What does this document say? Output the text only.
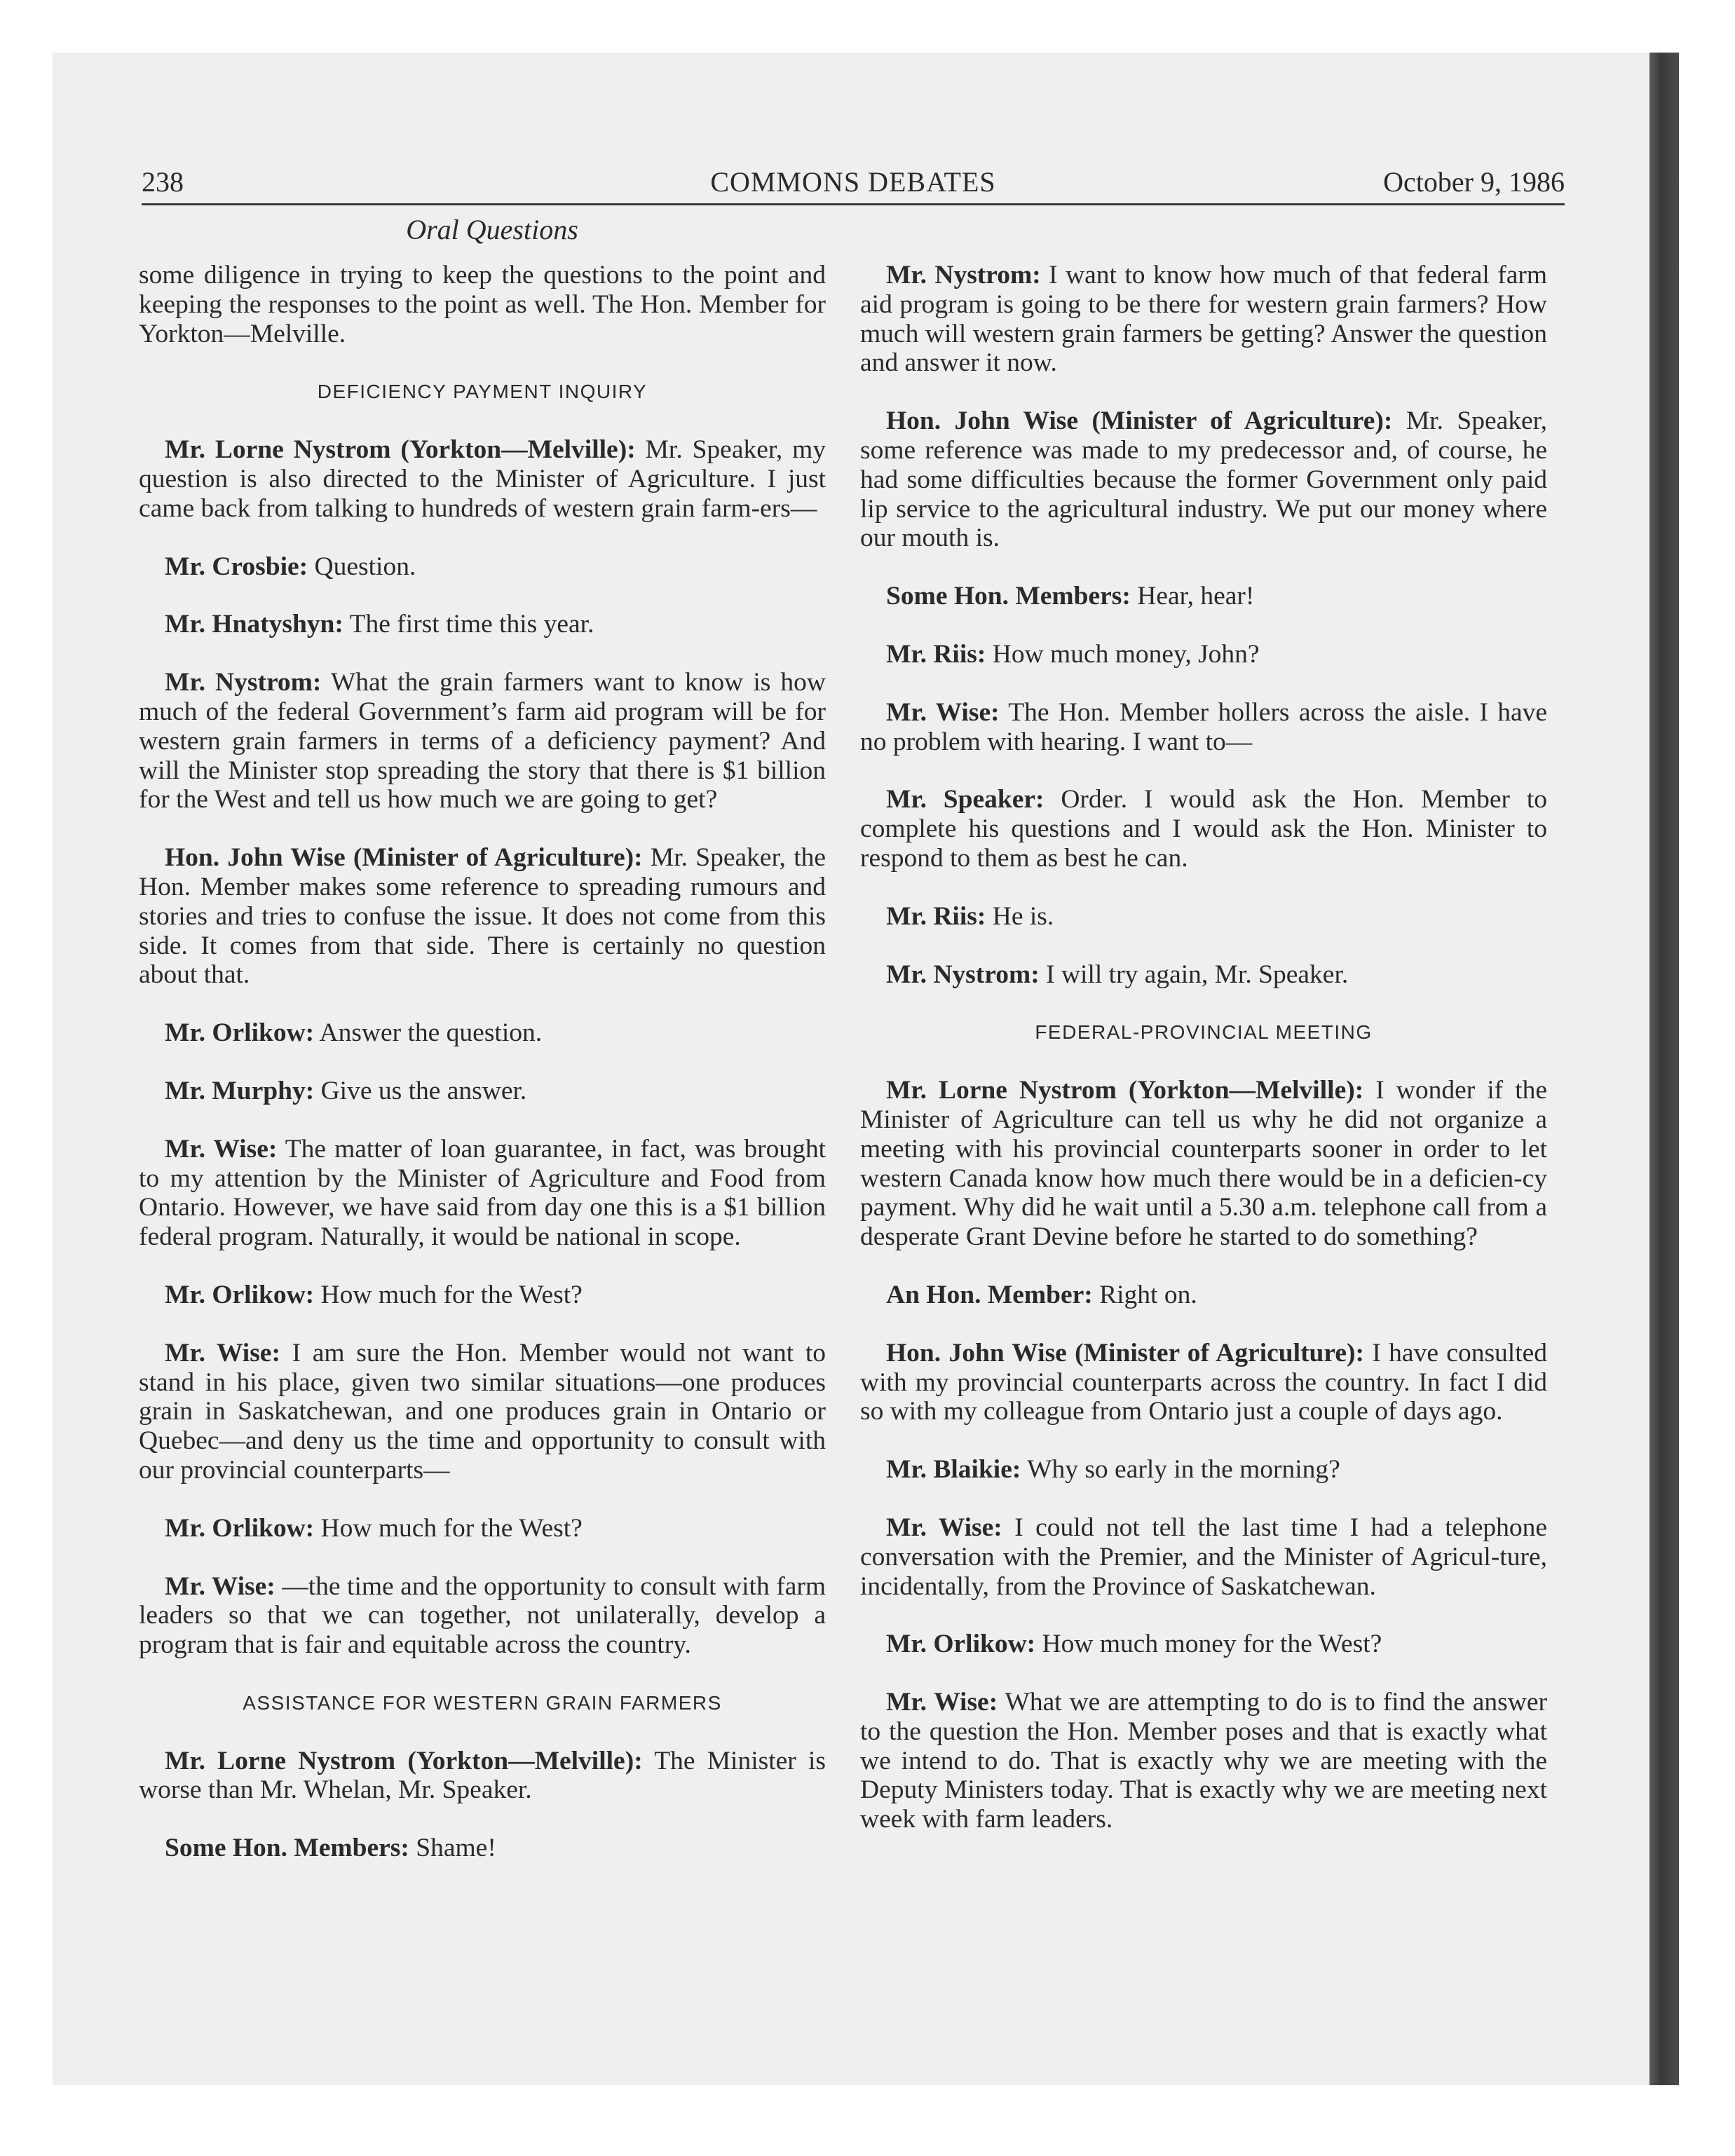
238	COMMONS DEBATES	October 9, 1986
Oral Questions

some diligence in trying to keep the questions to the point and keeping the responses to the point as well. The Hon. Member for Yorkton—Melville.

DEFICIENCY PAYMENT INQUIRY

Mr. Lorne Nystrom (Yorkton—Melville): Mr. Speaker, my question is also directed to the Minister of Agriculture. I just came back from talking to hundreds of western grain farm-ers—

Mr. Crosbie: Question.

Mr. Hnatyshyn: The first time this year.

Mr. Nystrom: What the grain farmers want to know is how much of the federal Government’s farm aid program will be for western grain farmers in terms of a deficiency payment? And will the Minister stop spreading the story that there is $1 billion for the West and tell us how much we are going to get?

Hon. John Wise (Minister of Agriculture): Mr. Speaker, the Hon. Member makes some reference to spreading rumours and stories and tries to confuse the issue. It does not come from this side. It comes from that side. There is certainly no question about that.

Mr. Orlikow: Answer the question.

Mr. Murphy: Give us the answer.

Mr. Wise: The matter of loan guarantee, in fact, was brought to my attention by the Minister of Agriculture and Food from Ontario. However, we have said from day one this is a $1 billion federal program. Naturally, it would be national in scope.

Mr. Orlikow: How much for the West?

Mr. Wise: I am sure the Hon. Member would not want to stand in his place, given two similar situations—one produces grain in Saskatchewan, and one produces grain in Ontario or Quebec—and deny us the time and opportunity to consult with our provincial counterparts—

Mr. Orlikow: How much for the West?

Mr. Wise: —the time and the opportunity to consult with farm leaders so that we can together, not unilaterally, develop a program that is fair and equitable across the country.

ASSISTANCE FOR WESTERN GRAIN FARMERS

Mr. Lorne Nystrom (Yorkton—Melville): The Minister is worse than Mr. Whelan, Mr. Speaker.

Some Hon. Members: Shame!

Mr. Nystrom: I want to know how much of that federal farm aid program is going to be there for western grain farmers? How much will western grain farmers be getting? Answer the question and answer it now.

Hon. John Wise (Minister of Agriculture): Mr. Speaker, some reference was made to my predecessor and, of course, he had some difficulties because the former Government only paid lip service to the agricultural industry. We put our money where our mouth is.

Some Hon. Members: Hear, hear!

Mr. Riis: How much money, John?

Mr. Wise: The Hon. Member hollers across the aisle. I have no problem with hearing. I want to—

Mr. Speaker: Order. I would ask the Hon. Member to complete his questions and I would ask the Hon. Minister to respond to them as best he can.

Mr. Riis: He is.

Mr. Nystrom: I will try again, Mr. Speaker.

FEDERAL-PROVINCIAL MEETING

Mr. Lorne Nystrom (Yorkton—Melville): I wonder if the Minister of Agriculture can tell us why he did not organize a meeting with his provincial counterparts sooner in order to let western Canada know how much there would be in a deficien-cy payment. Why did he wait until a 5.30 a.m. telephone call from a desperate Grant Devine before he started to do something?

An Hon. Member: Right on.

Hon. John Wise (Minister of Agriculture): I have consulted with my provincial counterparts across the country. In fact I did so with my colleague from Ontario just a couple of days ago.

Mr. Blaikie: Why so early in the morning?

Mr. Wise: I could not tell the last time I had a telephone conversation with the Premier, and the Minister of Agricul-ture, incidentally, from the Province of Saskatchewan.

Mr. Orlikow: How much money for the West?

Mr. Wise: What we are attempting to do is to find the answer to the question the Hon. Member poses and that is exactly what we intend to do. That is exactly why we are meeting with the Deputy Ministers today. That is exactly why we are meeting next week with farm leaders.
